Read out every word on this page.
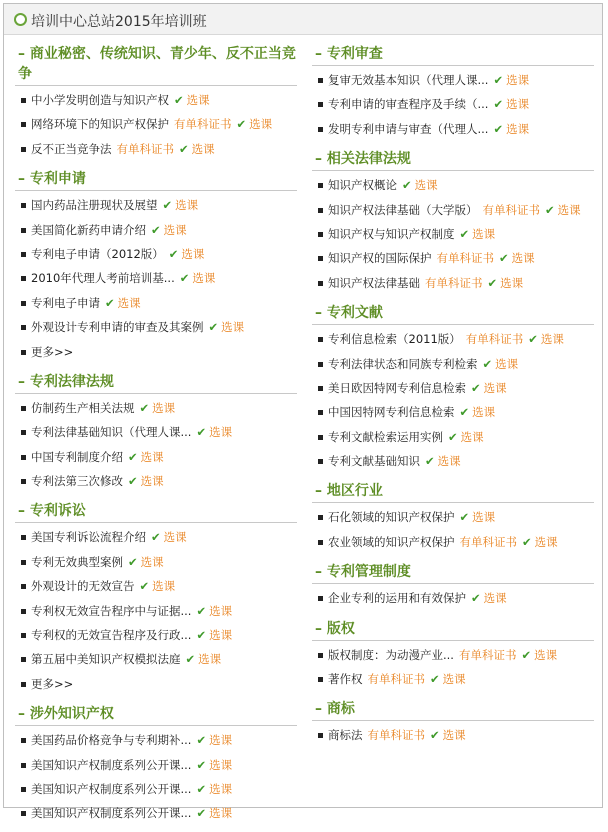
培训中心总站2015年培训班
– 商业秘密、传统知识、青少年、反不正当竞争
中小学发明创造与知识产权 ✔ 选课
网络环境下的知识产权保护 有单科证书 ✔ 选课
反不正当竞争法 有单科证书 ✔ 选课
– 专利申请
国内药品注册现状及展望 ✔ 选课
美国简化新药申请介绍 ✔ 选课
专利电子申请（2012版） ✔ 选课
2010年代理人考前培训基... ✔ 选课
专利电子申请 ✔ 选课
外观设计专利申请的审查及其案例 ✔ 选课
更多>>
– 专利法律法规
仿制药生产相关法规 ✔ 选课
专利法律基础知识（代理人课... ✔ 选课
中国专利制度介绍 ✔ 选课
专利法第三次修改 ✔ 选课
– 专利诉讼
美国专利诉讼流程介绍 ✔ 选课
专利无效典型案例 ✔ 选课
外观设计的无效宣告 ✔ 选课
专利权无效宣告程序中与证据... ✔ 选课
专利权的无效宣告程序及行政... ✔ 选课
第五届中美知识产权模拟法庭 ✔ 选课
更多>>
– 涉外知识产权
美国药品价格竞争与专利期补... ✔ 选课
美国知识产权制度系列公开课... ✔ 选课
美国知识产权制度系列公开课... ✔ 选课
美国知识产权制度系列公开课... ✔ 选课
– 专利审查
复审无效基本知识（代理人课... ✔ 选课
专利申请的审查程序及手续（... ✔ 选课
发明专利申请与审查（代理人... ✔ 选课
– 相关法律法规
知识产权概论 ✔ 选课
知识产权法律基础（大学版） 有单科证书 ✔ 选课
知识产权与知识产权制度 ✔ 选课
知识产权的国际保护 有单科证书 ✔ 选课
知识产权法律基础 有单科证书 ✔ 选课
– 专利文献
专利信息检索（2011版） 有单科证书 ✔ 选课
专利法律状态和同族专利检索 ✔ 选课
美日欧因特网专利信息检索 ✔ 选课
中国因特网专利信息检索 ✔ 选课
专利文献检索运用实例 ✔ 选课
专利文献基础知识 ✔ 选课
– 地区行业
石化领域的知识产权保护 ✔ 选课
农业领域的知识产权保护 有单科证书 ✔ 选课
– 专利管理制度
企业专利的运用和有效保护 ✔ 选课
– 版权
版权制度：为动漫产业... 有单科证书 ✔ 选课
著作权 有单科证书 ✔ 选课
– 商标
商标法 有单科证书 ✔ 选课
